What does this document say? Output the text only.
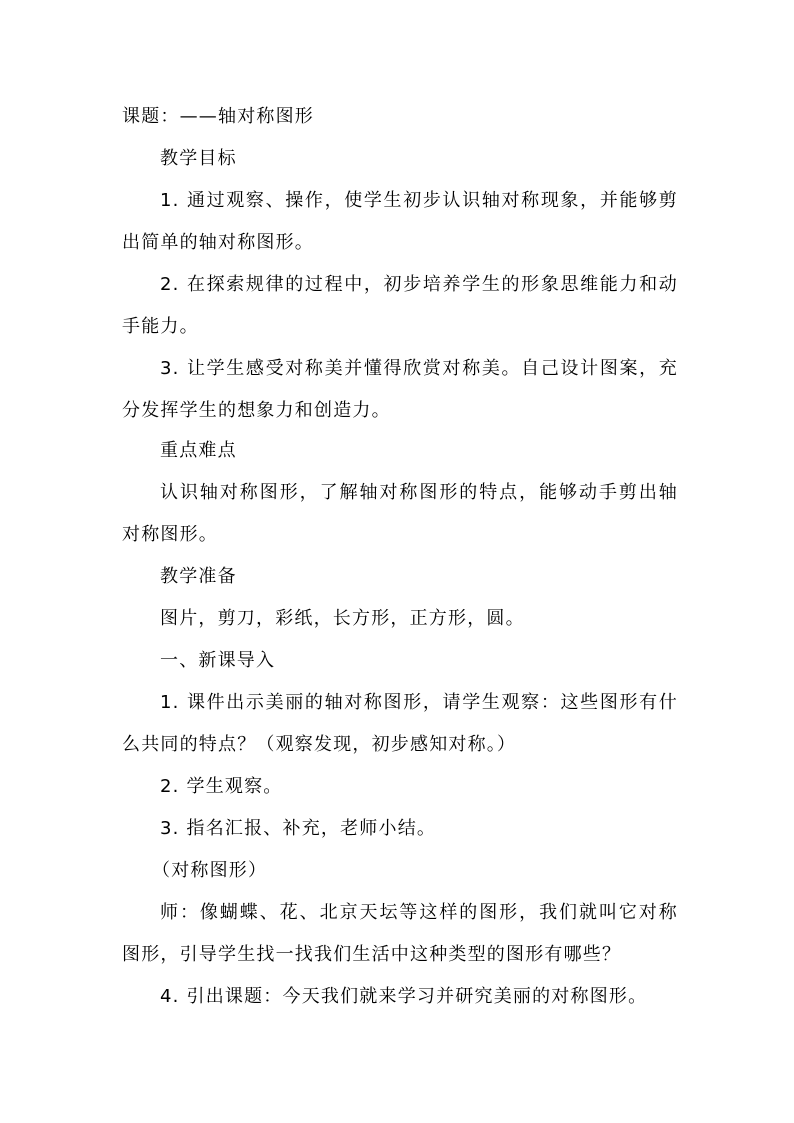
课题：——轴对称图形
教学目标
1. 通过观察、操作，使学生初步认识轴对称现象，并能够剪出简单的轴对称图形。
2. 在探索规律的过程中，初步培养学生的形象思维能力和动手能力。
3. 让学生感受对称美并懂得欣赏对称美。自己设计图案，充分发挥学生的想象力和创造力。
重点难点
认识轴对称图形，了解轴对称图形的特点，能够动手剪出轴对称图形。
教学准备
图片，剪刀，彩纸，长方形，正方形，圆。
一、新课导入
1. 课件出示美丽的轴对称图形，请学生观察：这些图形有什么共同的特点？（观察发现，初步感知对称。）
2. 学生观察。
3. 指名汇报、补充，老师小结。
（对称图形）
师：像蝴蝶、花、北京天坛等这样的图形，我们就叫它对称图形，引导学生找一找我们生活中这种类型的图形有哪些？
4. 引出课题：今天我们就来学习并研究美丽的对称图形。
